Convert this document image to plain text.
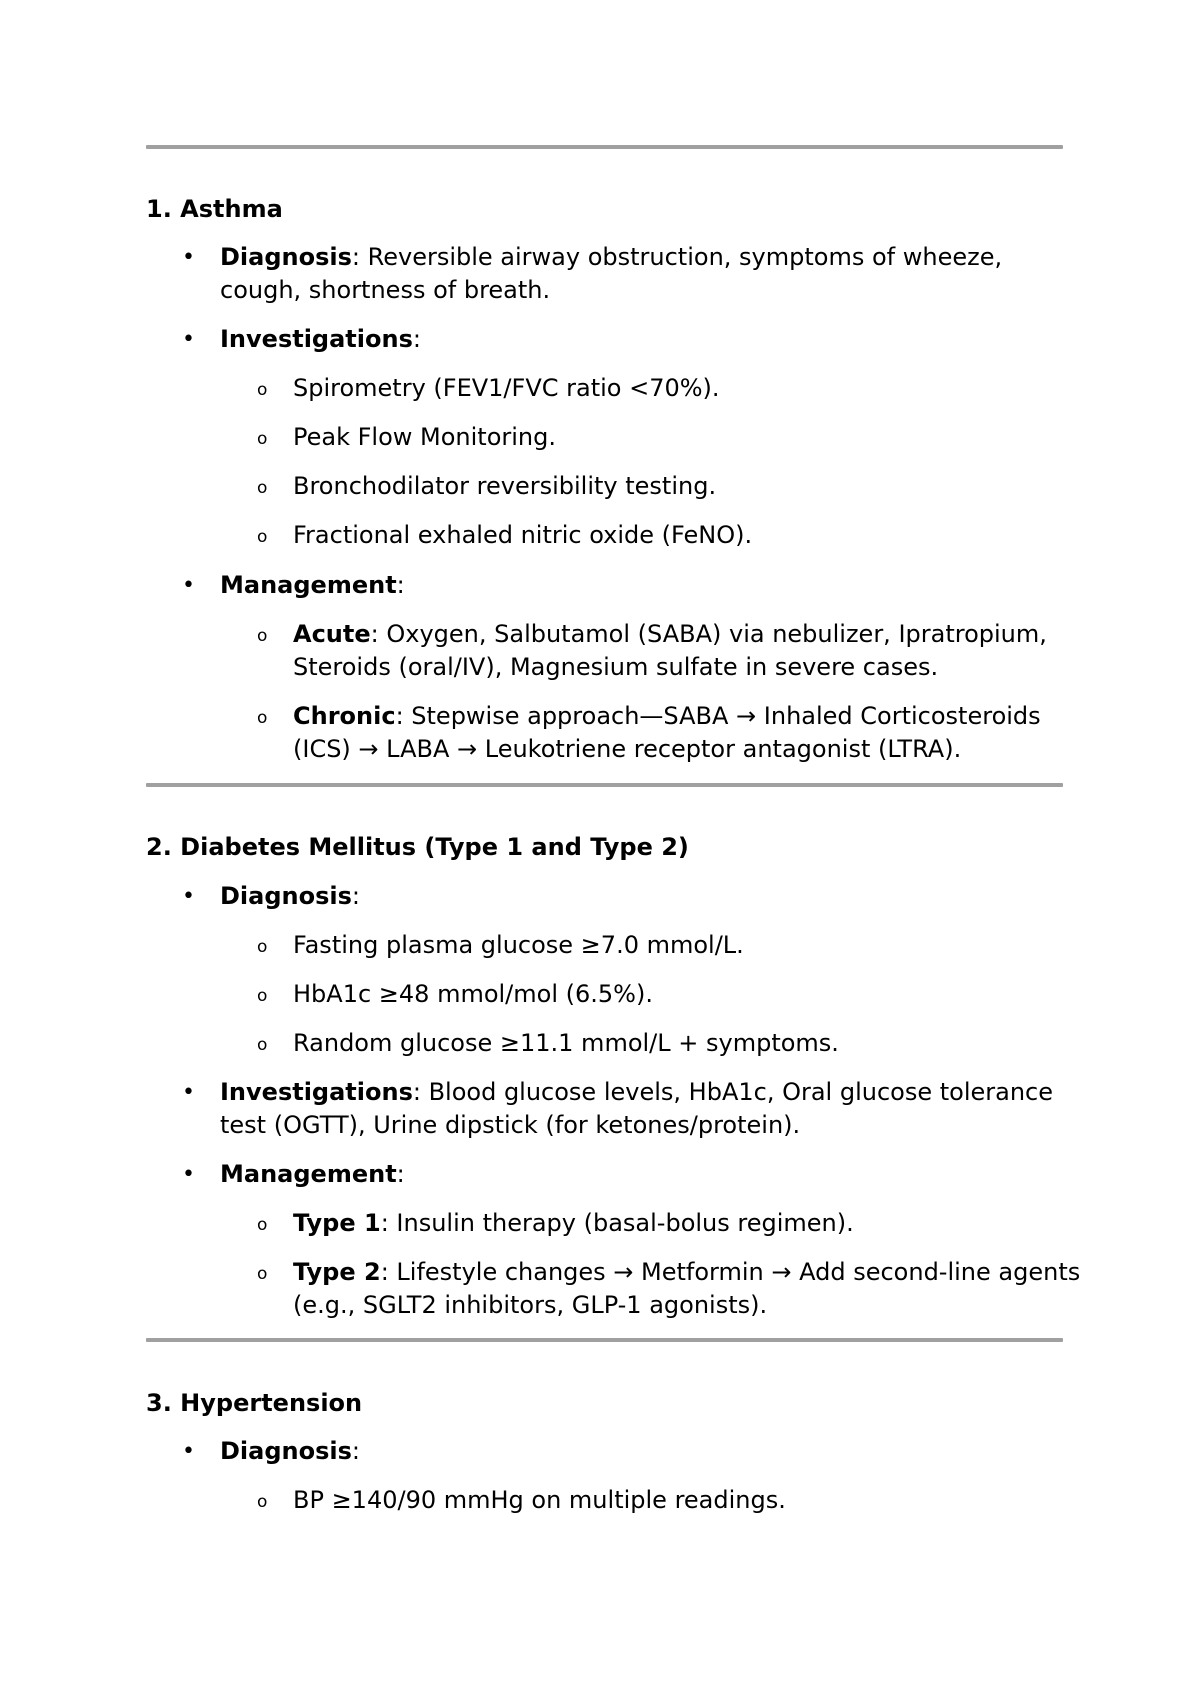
1. Asthma
• Diagnosis: Reversible airway obstruction, symptoms of wheeze, cough, shortness of breath.
• Investigations:
o Spirometry (FEV1/FVC ratio <70%).
o Peak Flow Monitoring.
o Bronchodilator reversibility testing.
o Fractional exhaled nitric oxide (FeNO).
• Management:
o Acute: Oxygen, Salbutamol (SABA) via nebulizer, Ipratropium, Steroids (oral/IV), Magnesium sulfate in severe cases.
o Chronic: Stepwise approach—SABA → Inhaled Corticosteroids (ICS) → LABA → Leukotriene receptor antagonist (LTRA).
2. Diabetes Mellitus (Type 1 and Type 2)
• Diagnosis:
o Fasting plasma glucose ≥7.0 mmol/L.
o HbA1c ≥48 mmol/mol (6.5%).
o Random glucose ≥11.1 mmol/L + symptoms.
• Investigations: Blood glucose levels, HbA1c, Oral glucose tolerance test (OGTT), Urine dipstick (for ketones/protein).
• Management:
o Type 1: Insulin therapy (basal-bolus regimen).
o Type 2: Lifestyle changes → Metformin → Add second-line agents (e.g., SGLT2 inhibitors, GLP-1 agonists).
3. Hypertension
• Diagnosis:
o BP ≥140/90 mmHg on multiple readings.
